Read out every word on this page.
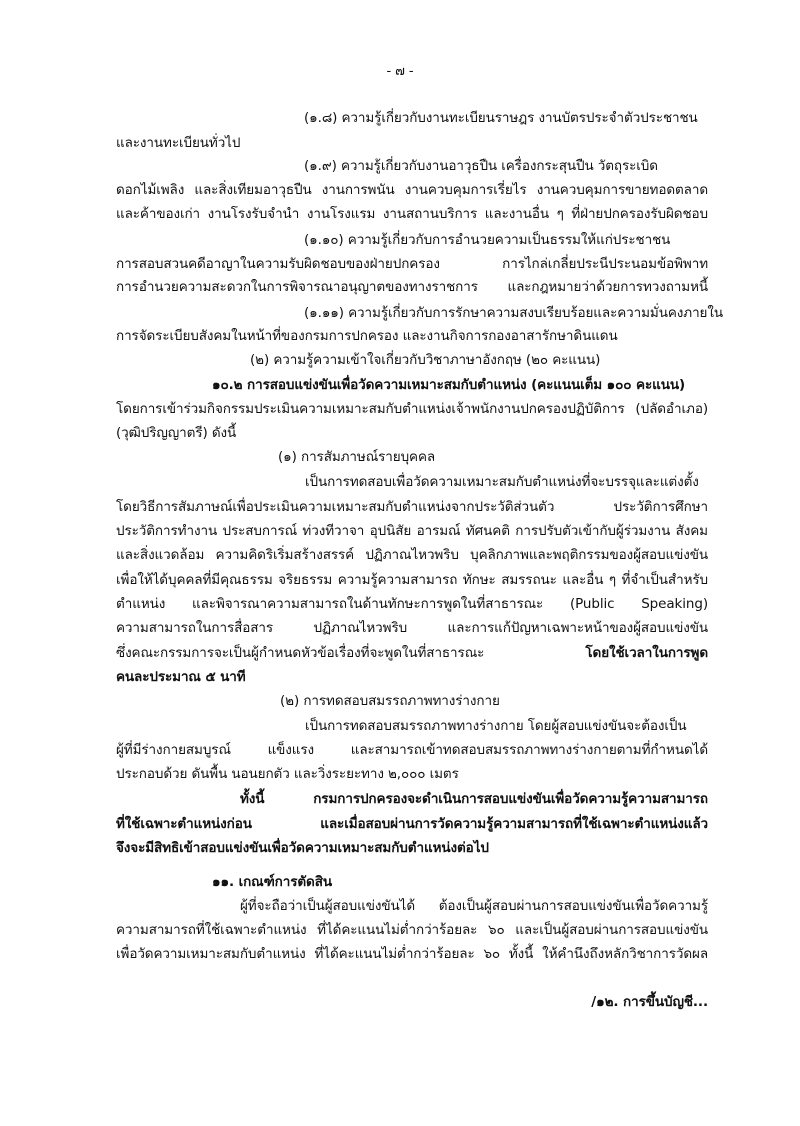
- ๗ -
(๑.๘) ความรู้เกี่ยวกับงานทะเบียนราษฎร งานบัตรประจำตัวประชาชน
และงานทะเบียนทั่วไป
(๑.๙) ความรู้เกี่ยวกับงานอาวุธปืน เครื่องกระสุนปืน วัตถุระเบิด
ดอกไม้เพลิง และสิ่งเทียมอาวุธปืน งานการพนัน งานควบคุมการเรี่ยไร งานควบคุมการขายทอดตลาด
และค้าของเก่า งานโรงรับจำนำ งานโรงแรม งานสถานบริการ และงานอื่น ๆ ที่ฝ่ายปกครองรับผิดชอบ
(๑.๑๐) ความรู้เกี่ยวกับการอำนวยความเป็นธรรมให้แก่ประชาชน
การสอบสวนคดีอาญาในความรับผิดชอบของฝ่ายปกครอง การไกล่เกลี่ยประนีประนอมข้อพิพาท
การอำนวยความสะดวกในการพิจารณาอนุญาตของทางราชการ และกฎหมายว่าด้วยการทวงถามหนี้
(๑.๑๑) ความรู้เกี่ยวกับการรักษาความสงบเรียบร้อยและความมั่นคงภายใน
การจัดระเบียบสังคมในหน้าที่ของกรมการปกครอง และงานกิจการกองอาสารักษาดินแดน
(๒) ความรู้ความเข้าใจเกี่ยวกับวิชาภาษาอังกฤษ (๒๐ คะแนน)
๑๐.๒ การสอบแข่งขันเพื่อวัดความเหมาะสมกับตำแหน่ง (คะแนนเต็ม ๑๐๐ คะแนน)
โดยการเข้าร่วมกิจกรรมประเมินความเหมาะสมกับตำแหน่งเจ้าพนักงานปกครองปฏิบัติการ (ปลัดอำเภอ)
(วุฒิปริญญาตรี) ดังนี้
(๑) การสัมภาษณ์รายบุคคล
เป็นการทดสอบเพื่อวัดความเหมาะสมกับตำแหน่งที่จะบรรจุและแต่งตั้ง
โดยวิธีการสัมภาษณ์เพื่อประเมินความเหมาะสมกับตำแหน่งจากประวัติส่วนตัว ประวัติการศึกษา
ประวัติการทำงาน ประสบการณ์ ท่วงทีวาจา อุปนิสัย อารมณ์ ทัศนคติ การปรับตัวเข้ากับผู้ร่วมงาน สังคม
และสิ่งแวดล้อม ความคิดริเริ่มสร้างสรรค์ ปฏิภาณไหวพริบ บุคลิกภาพและพฤติกรรมของผู้สอบแข่งขัน
เพื่อให้ได้บุคคลที่มีคุณธรรม จริยธรรม ความรู้ความสามารถ ทักษะ สมรรถนะ และอื่น ๆ ที่จำเป็นสำหรับ
ตำแหน่ง และพิจารณาความสามารถในด้านทักษะการพูดในที่สาธารณะ (Public Speaking)
ความสามารถในการสื่อสาร ปฏิภาณไหวพริบ และการแก้ปัญหาเฉพาะหน้าของผู้สอบแข่งขัน
ซึ่งคณะกรรมการจะเป็นผู้กำหนดหัวข้อเรื่องที่จะพูดในที่สาธารณะ	โดยใช้เวลาในการพูด
คนละประมาณ ๕ นาที
(๒) การทดสอบสมรรถภาพทางร่างกาย
เป็นการทดสอบสมรรถภาพทางร่างกาย โดยผู้สอบแข่งขันจะต้องเป็น
ผู้ที่มีร่างกายสมบูรณ์ แข็งแรง และสามารถเข้าทดสอบสมรรถภาพทางร่างกายตามที่กำหนดได้
ประกอบด้วย ดันพื้น นอนยกตัว และวิ่งระยะทาง ๒,๐๐๐ เมตร
ทั้งนี้ กรมการปกครองจะดำเนินการสอบแข่งขันเพื่อวัดความรู้ความสามารถ
ที่ใช้เฉพาะตำแหน่งก่อน และเมื่อสอบผ่านการวัดความรู้ความสามารถที่ใช้เฉพาะตำแหน่งแล้ว
จึงจะมีสิทธิเข้าสอบแข่งขันเพื่อวัดความเหมาะสมกับตำแหน่งต่อไป
๑๑. เกณฑ์การตัดสิน
ผู้ที่จะถือว่าเป็นผู้สอบแข่งขันได้ ต้องเป็นผู้สอบผ่านการสอบแข่งขันเพื่อวัดความรู้
ความสามารถที่ใช้เฉพาะตำแหน่ง ที่ได้คะแนนไม่ต่ำกว่าร้อยละ ๖๐ และเป็นผู้สอบผ่านการสอบแข่งขัน
เพื่อวัดความเหมาะสมกับตำแหน่ง ที่ได้คะแนนไม่ต่ำกว่าร้อยละ ๖๐ ทั้งนี้ ให้คำนึงถึงหลักวิชาการวัดผล
/๑๒. การขึ้นบัญชี...
